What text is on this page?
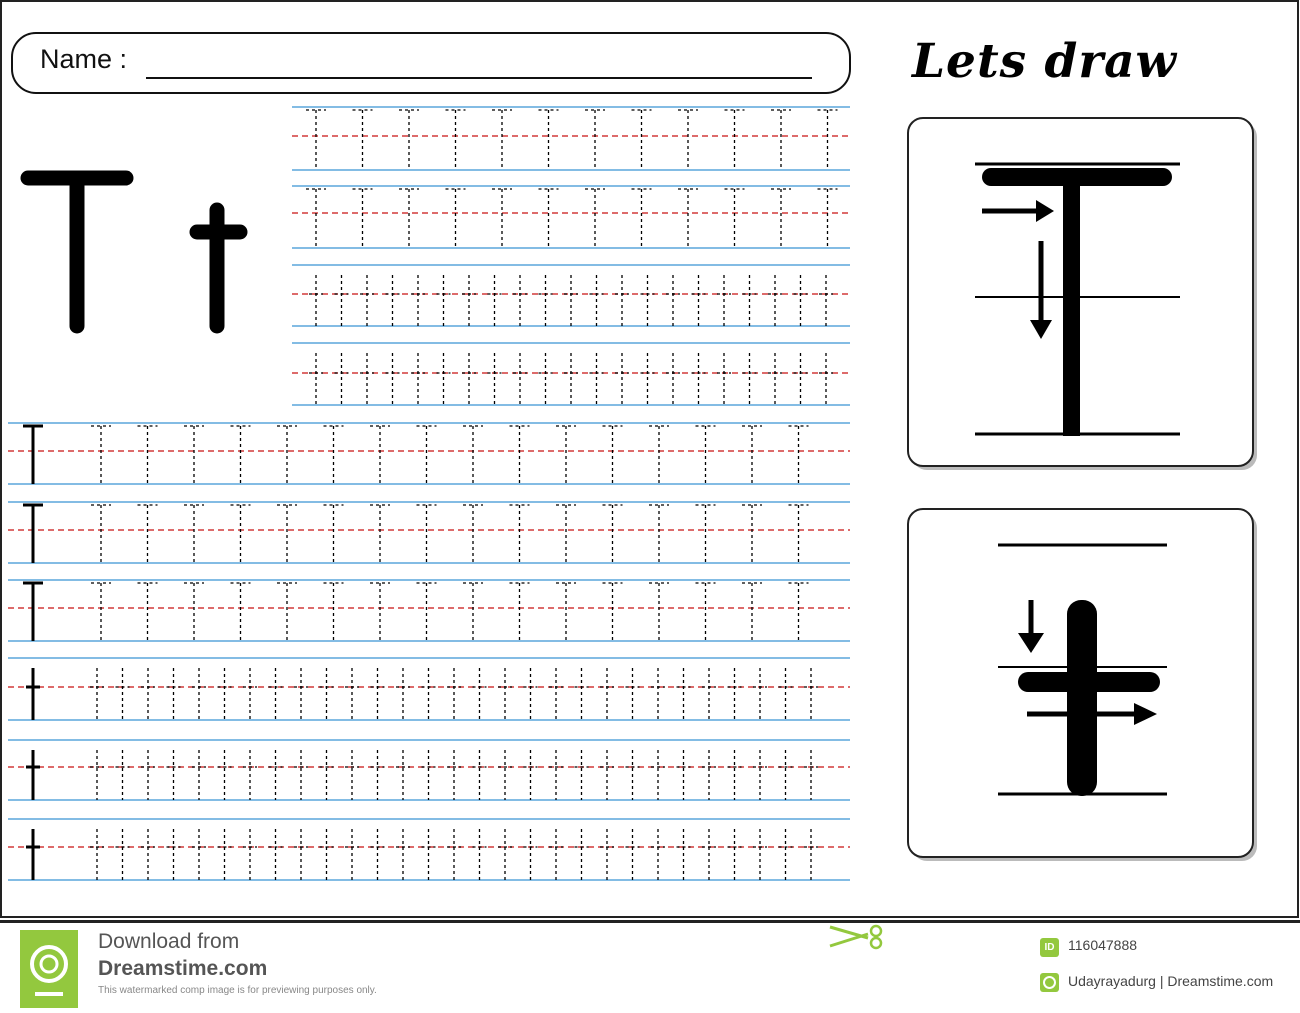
Name :	Lets draw
Download from
Dreamstime.com
This watermarked comp image is for previewing purposes only.
ID 116047888
Udayrayadurg | Dreamstime.com
